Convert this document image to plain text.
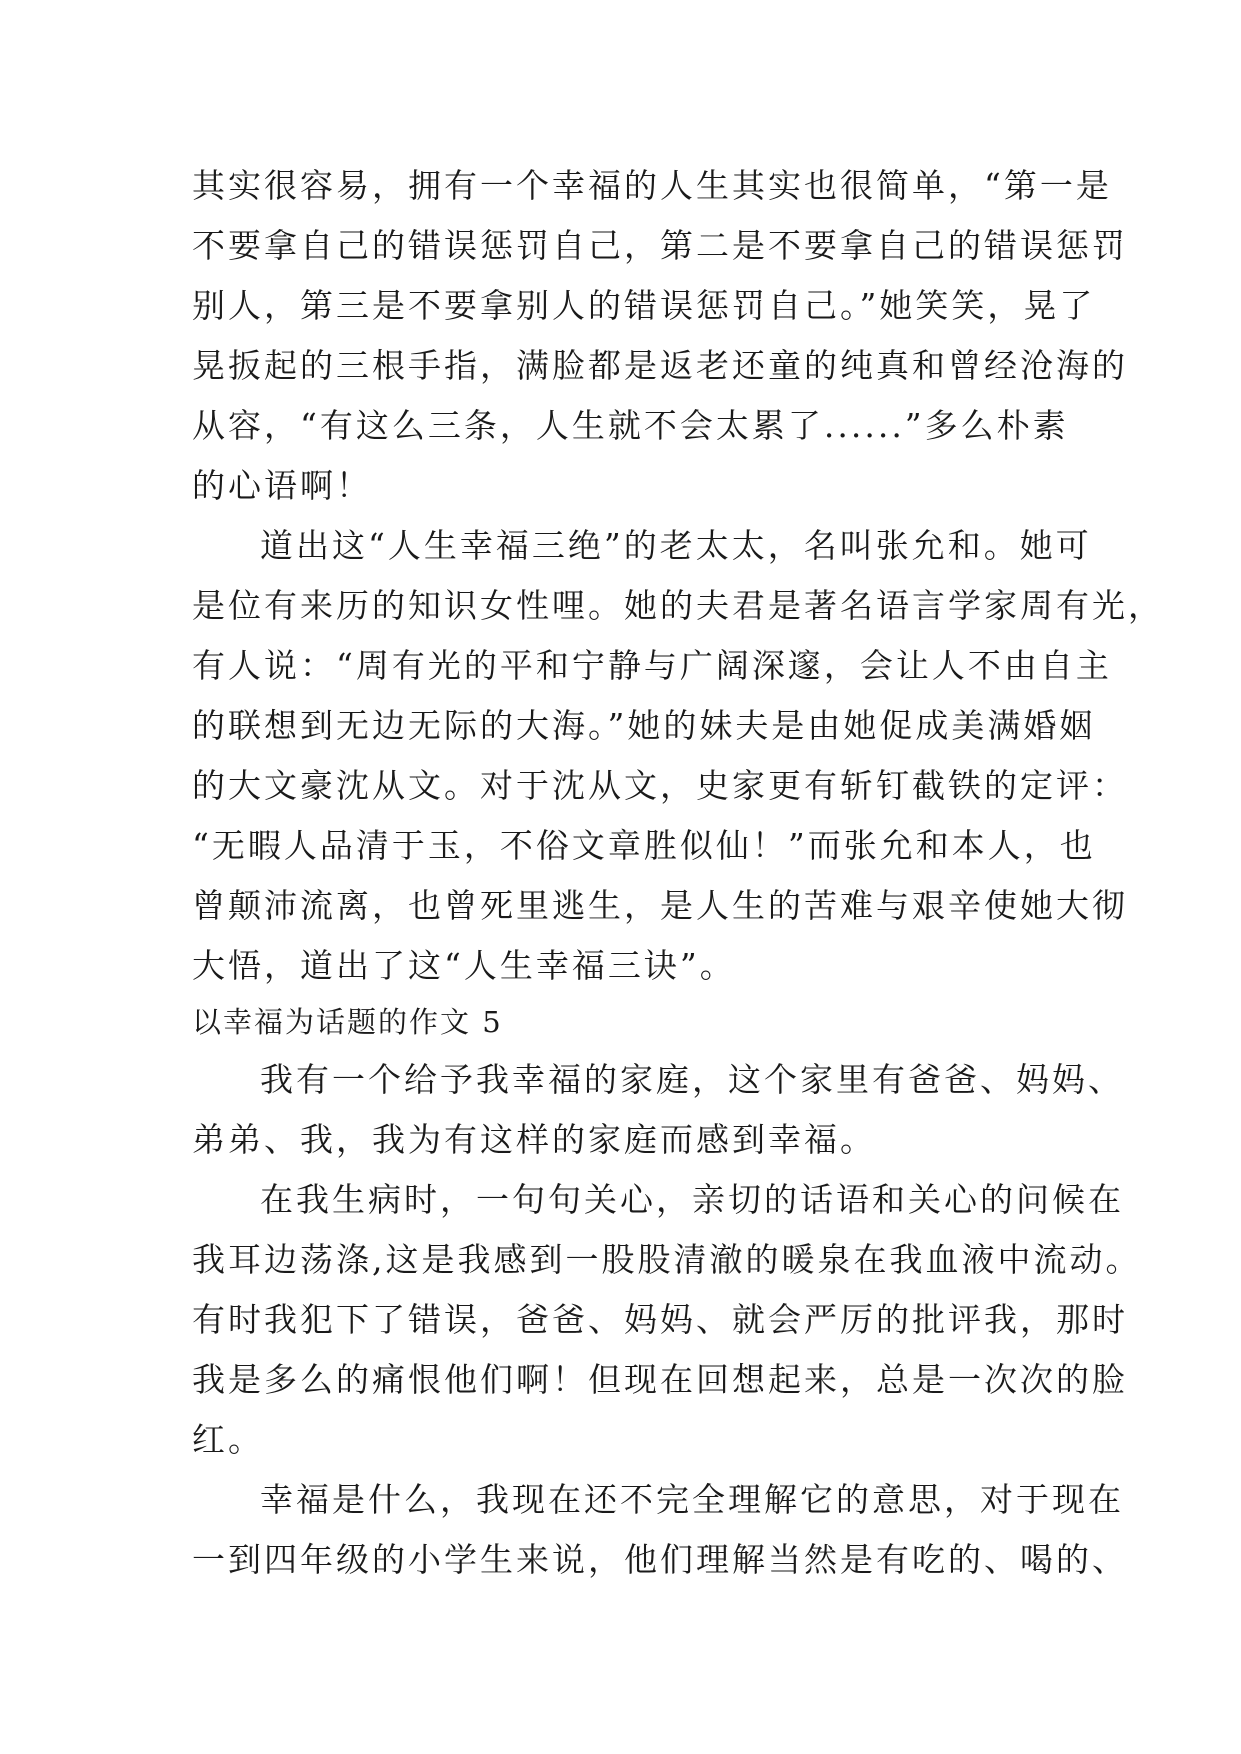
其实很容易，拥有一个幸福的人生其实也很简单，“第一是
不要拿自己的错误惩罚自己，第二是不要拿自己的错误惩罚
别人，第三是不要拿别人的错误惩罚自己。”她笑笑，晃了
晃扳起的三根手指，满脸都是返老还童的纯真和曾经沧海的
从容，“有这么三条，人生就不会太累了......”多么朴素
的心语啊！
道出这“人生幸福三绝”的老太太，名叫张允和。她可
是位有来历的知识女性哩。她的夫君是著名语言学家周有光，
有人说：“周有光的平和宁静与广阔深邃，会让人不由自主
的联想到无边无际的大海。”她的妹夫是由她促成美满婚姻
的大文豪沈从文。对于沈从文，史家更有斩钉截铁的定评：
“无暇人品清于玉，不俗文章胜似仙！”而张允和本人，也
曾颠沛流离，也曾死里逃生，是人生的苦难与艰辛使她大彻
大悟，道出了这“人生幸福三诀”。
以幸福为话题的作文 5
我有一个给予我幸福的家庭，这个家里有爸爸、妈妈、
弟弟、我，我为有这样的家庭而感到幸福。
在我生病时，一句句关心，亲切的话语和关心的问候在
我耳边荡涤,这是我感到一股股清澈的暖泉在我血液中流动。
有时我犯下了错误，爸爸、妈妈、就会严厉的批评我，那时
我是多么的痛恨他们啊！但现在回想起来，总是一次次的脸
红。
幸福是什么，我现在还不完全理解它的意思，对于现在
一到四年级的小学生来说，他们理解当然是有吃的、喝的、
